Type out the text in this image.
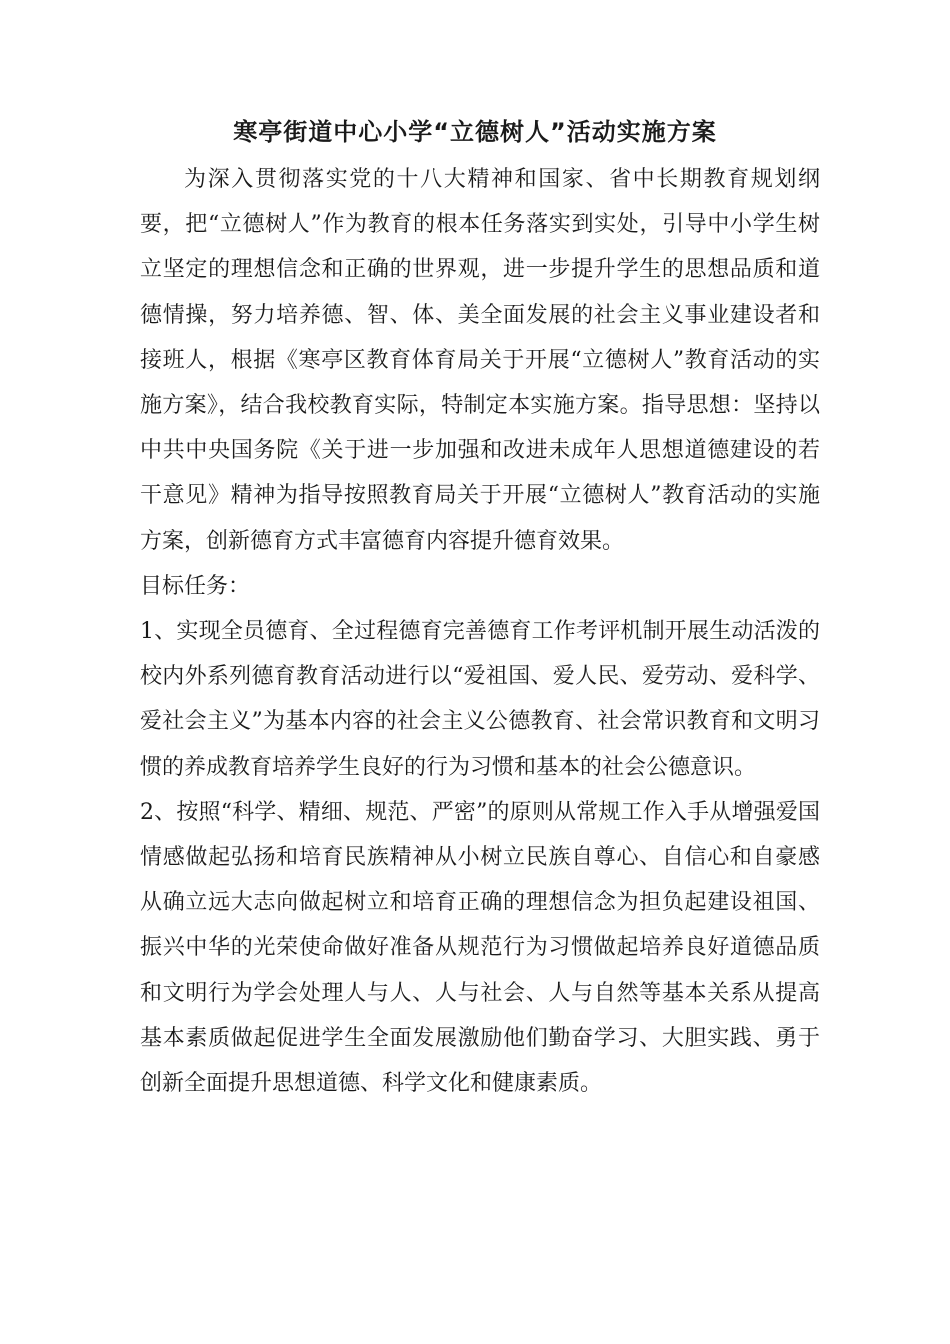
寒亭街道中心小学“立德树人”活动实施方案

为深入贯彻落实党的十八大精神和国家、省中长期教育规划纲要，把“立德树人”作为教育的根本任务落实到实处，引导中小学生树立坚定的理想信念和正确的世界观，进一步提升学生的思想品质和道德情操，努力培养德、智、体、美全面发展的社会主义事业建设者和接班人，根据《寒亭区教育体育局关于开展“立德树人”教育活动的实施方案》，结合我校教育实际，特制定本实施方案。指导思想：坚持以中共中央国务院《关于进一步加强和改进未成年人思想道德建设的若干意见》精神为指导按照教育局关于开展“立德树人”教育活动的实施方案，创新德育方式丰富德育内容提升德育效果。

目标任务：

1、实现全员德育、全过程德育完善德育工作考评机制开展生动活泼的校内外系列德育教育活动进行以“爱祖国、爱人民、爱劳动、爱科学、爱社会主义”为基本内容的社会主义公德教育、社会常识教育和文明习惯的养成教育培养学生良好的行为习惯和基本的社会公德意识。

2、按照“科学、精细、规范、严密”的原则从常规工作入手从增强爱国情感做起弘扬和培育民族精神从小树立民族自尊心、自信心和自豪感从确立远大志向做起树立和培育正确的理想信念为担负起建设祖国、振兴中华的光荣使命做好准备从规范行为习惯做起培养良好道德品质和文明行为学会处理人与人、人与社会、人与自然等基本关系从提高基本素质做起促进学生全面发展激励他们勤奋学习、大胆实践、勇于创新全面提升思想道德、科学文化和健康素质。
